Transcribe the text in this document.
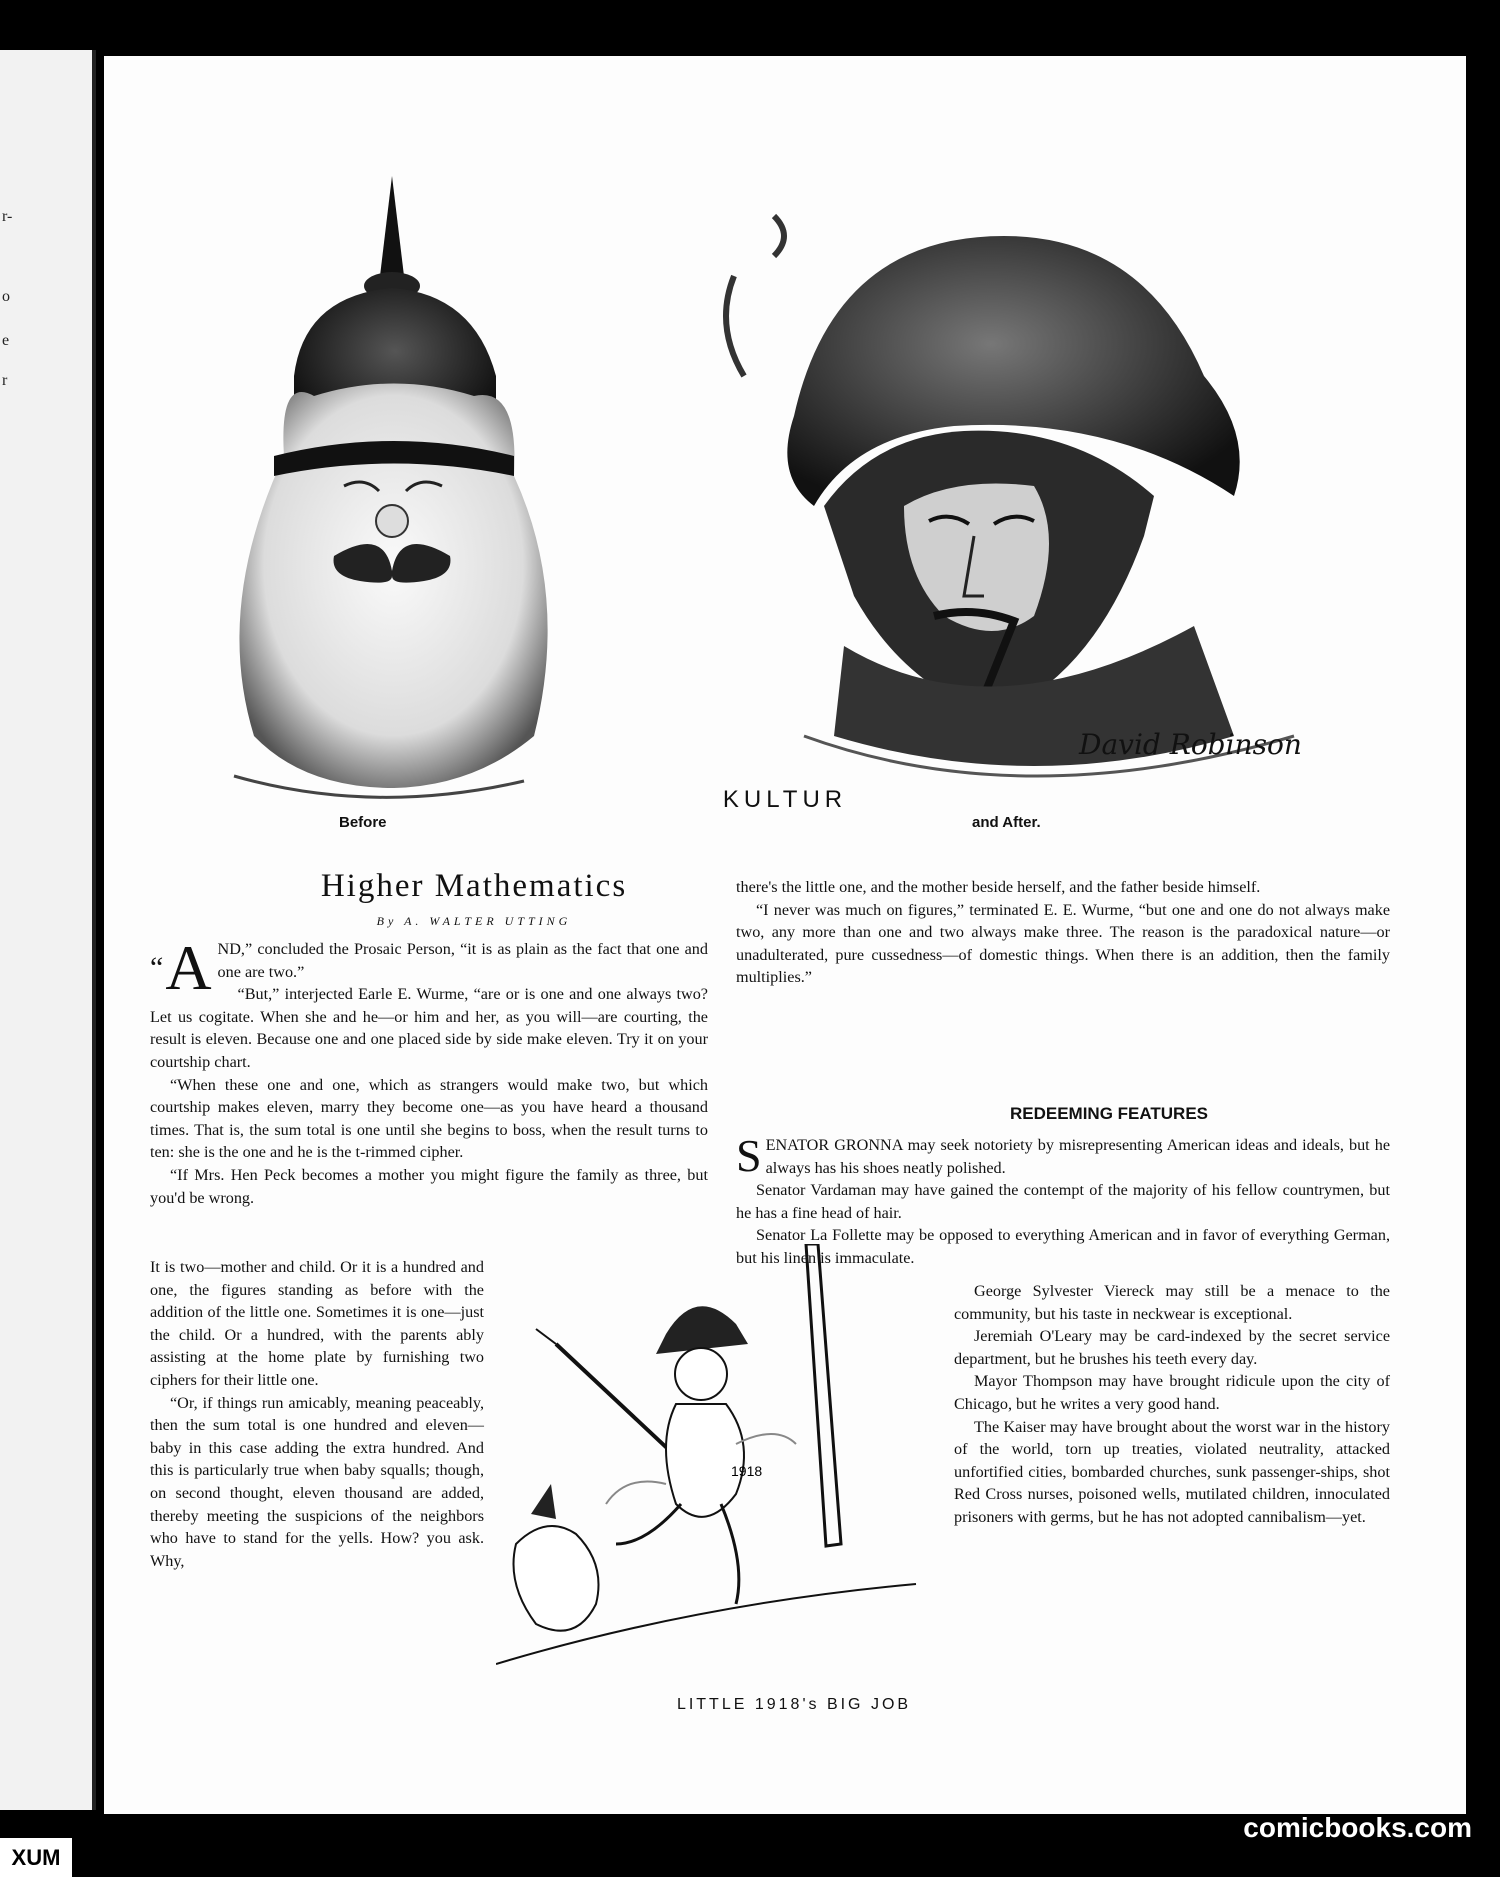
r-
o
e
r
David Robinson
Before
KULTUR
and After.
Higher Mathematics
By A. WALTER UTTING

“A ND,” concluded the Prosaic Person, “it is as plain as the fact that one and one are two.”

“But,” interjected Earle E. Wurme, “are or is one and one always two? Let us cogitate. When she and he—or him and her, as you will—are courting, the result is eleven. Because one and one placed side by side make eleven. Try it on your courtship chart.

“When these one and one, which as strangers would make two, but which courtship makes eleven, marry they become one—as you have heard a thousand times. That is, the sum total is one until she begins to boss, when the result turns to ten: she is the one and he is the t-rimmed cipher.

“If Mrs. Hen Peck becomes a mother you might figure the family as three, but you'd be wrong.

It is two—mother and child. Or it is a hundred and one, the figures standing as before with the addition of the little one. Sometimes it is one—just the child. Or a hundred, with the parents ably assisting at the home plate by furnishing two ciphers for their little one.

“Or, if things run amicably, meaning peaceably, then the sum total is one hundred and eleven—baby in this case adding the extra hundred. And this is particularly true when baby squalls; though, on second thought, eleven thousand are added, thereby meeting the suspicions of the neighbors who have to stand for the yells. How? you ask. Why,

there's the little one, and the mother beside herself, and the father beside himself.

“I never was much on figures,” terminated E. E. Wurme, “but one and one do not always make two, any more than one and two always make three. The reason is the paradoxical nature—or unadulterated, pure cussedness—of domestic things. When there is an addition, then the family multiplies.”

REDEEMING FEATURES

SENATOR GRONNA may seek notoriety by misrepresenting American ideas and ideals, but he always has his shoes neatly polished.

Senator Vardaman may have gained the contempt of the majority of his fellow countrymen, but he has a fine head of hair.

Senator La Follette may be opposed to everything American and in favor of everything German, but his linen is immaculate.

George Sylvester Viereck may still be a menace to the community, but his taste in neckwear is exceptional.

Jeremiah O'Leary may be card-indexed by the secret service department, but he brushes his teeth every day.

Mayor Thompson may have brought ridicule upon the city of Chicago, but he writes a very good hand.

The Kaiser may have brought about the worst war in the history of the world, torn up treaties, violated neutrality, attacked unfortified cities, bombarded churches, sunk passenger-ships, shot Red Cross nurses, poisoned wells, mutilated children, innoculated prisoners with germs, but he has not adopted cannibalism—yet.

1918
LITTLE 1918's BIG JOB
comicbooks.com
XUM
